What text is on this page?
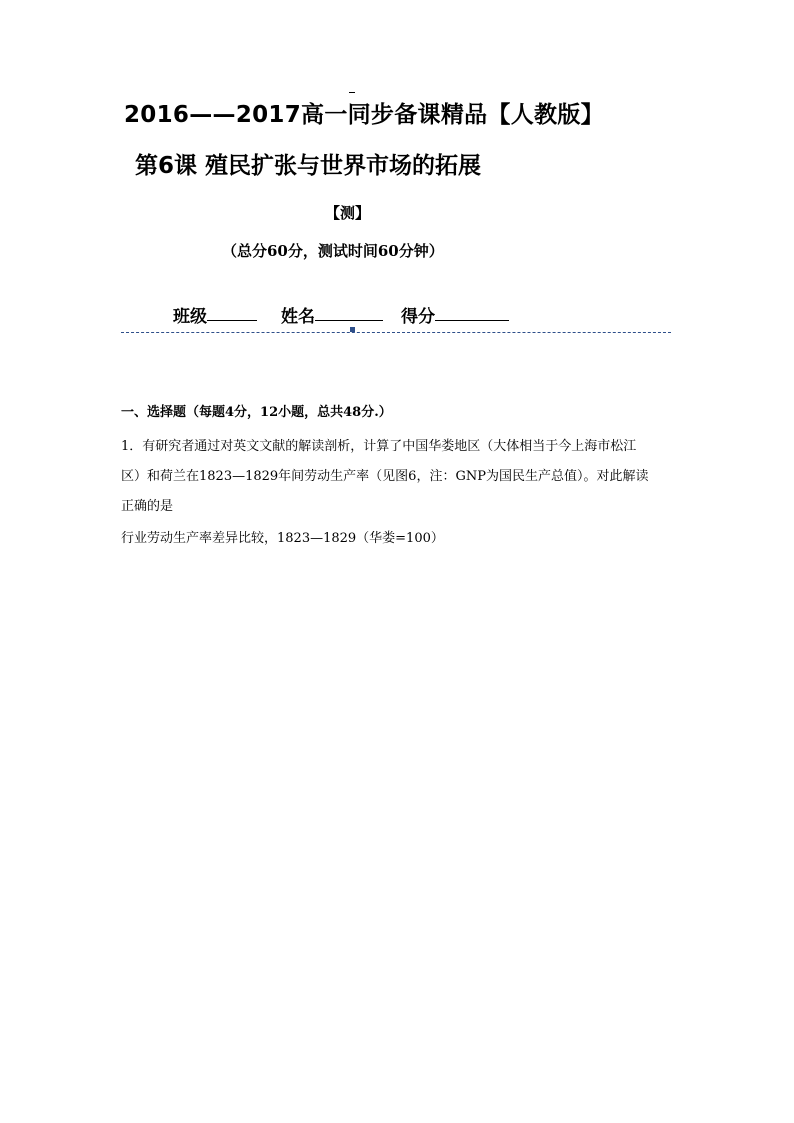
2016——2017高一同步备课精品【人教版】
第6课 殖民扩张与世界市场的拓展
【测】
（总分60分，测试时间60分钟）
班级	姓名	得分
一、选择题（每题4分，12小题，总共48分.）
1．有研究者通过对英文文献的解读剖析，计算了中国华娄地区（大体相当于今上海市松江
区）和荷兰在1823—1829年间劳动生产率（见图6，注：GNP为国民生产总值）。对此解读
正确的是
行业劳动生产率差异比较，1823—1829（华娄=100）
